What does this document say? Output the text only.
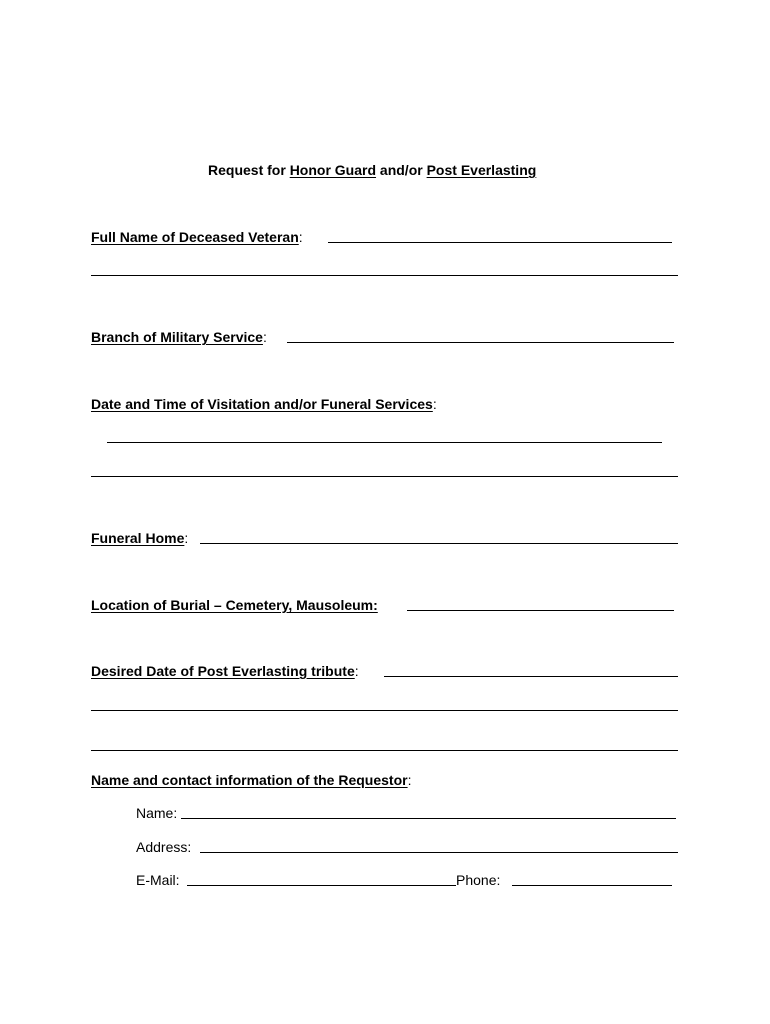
Request for Honor Guard and/or Post Everlasting
Full Name of Deceased Veteran:
Branch of Military Service:
Date and Time of Visitation and/or Funeral Services:
Funeral Home:
Location of Burial – Cemetery, Mausoleum:
Desired Date of Post Everlasting tribute:
Name and contact information of the Requestor:
Name:
Address:
E-Mail:	Phone:
